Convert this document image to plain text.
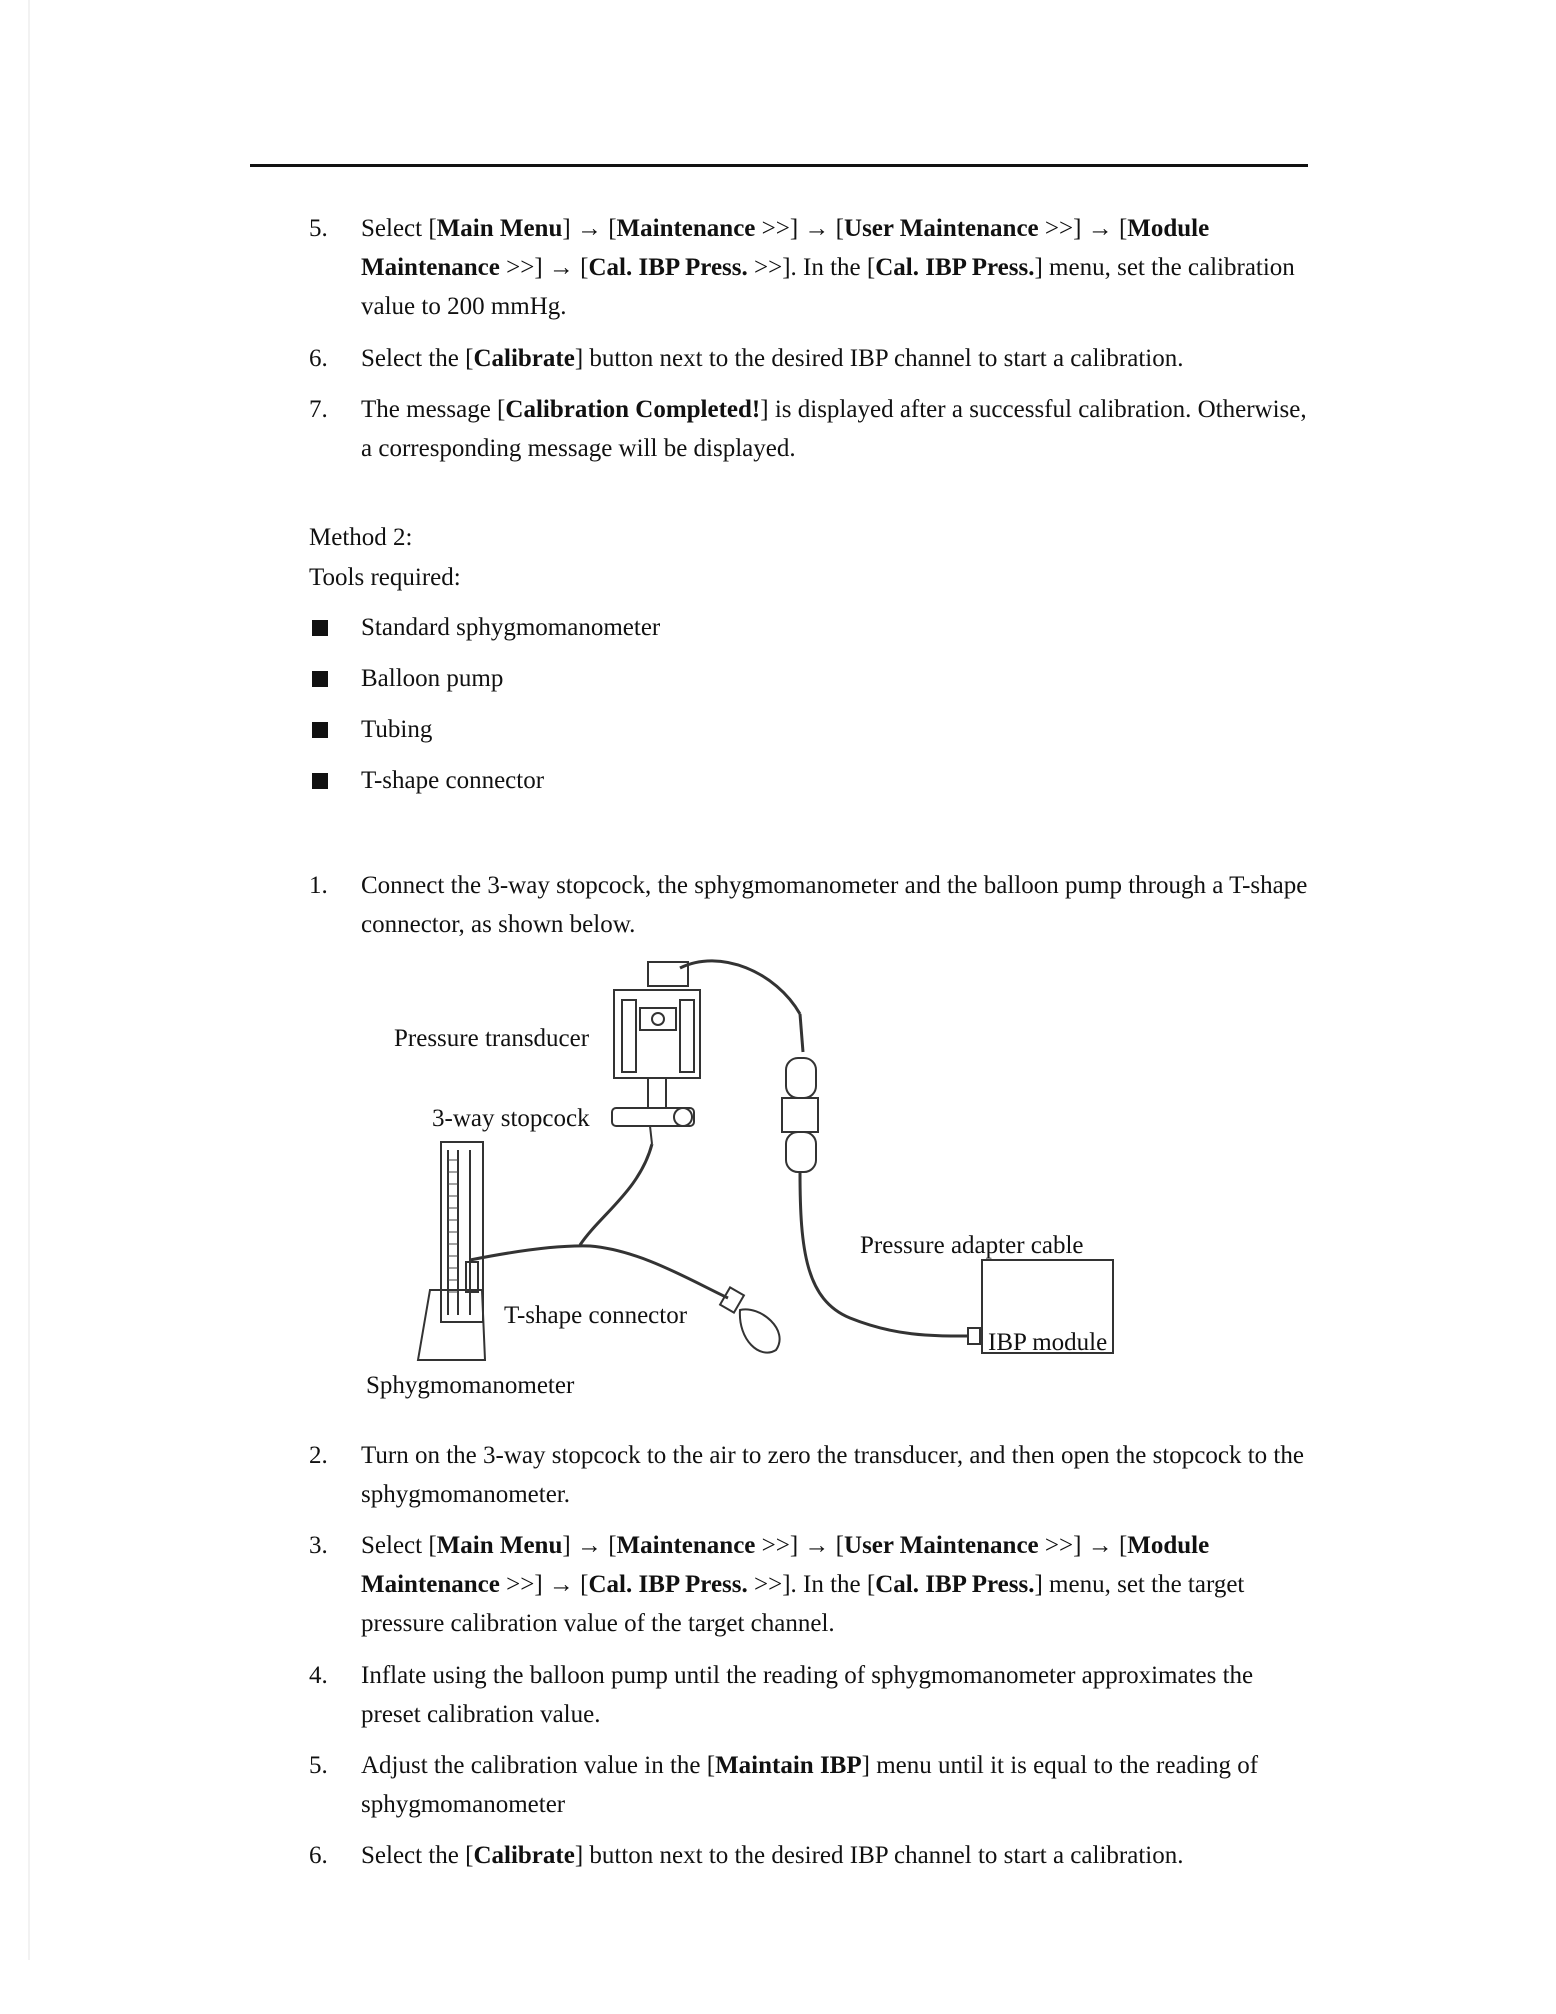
5. Select [Main Menu] → [Maintenance >>] → [User Maintenance >>] → [Module Maintenance >>] → [Cal. IBP Press. >>]. In the [Cal. IBP Press.] menu, set the calibration value to 200 mmHg.
6. Select the [Calibrate] button next to the desired IBP channel to start a calibration.
7. The message [Calibration Completed!] is displayed after a successful calibration. Otherwise, a corresponding message will be displayed.
Method 2:
Tools required:
Standard sphygmomanometer
Balloon pump
Tubing
T-shape connector
1. Connect the 3-way stopcock, the sphygmomanometer and the balloon pump through a T-shape connector, as shown below.
Pressure transducer
3-way stopcock
Pressure adapter cable
T-shape connector
IBP module
Sphygmomanometer
2. Turn on the 3-way stopcock to the air to zero the transducer, and then open the stopcock to the sphygmomanometer.
3. Select [Main Menu] → [Maintenance >>] → [User Maintenance >>] → [Module Maintenance >>] → [Cal. IBP Press. >>]. In the [Cal. IBP Press.] menu, set the target pressure calibration value of the target channel.
4. Inflate using the balloon pump until the reading of sphygmomanometer approximates the preset calibration value.
5. Adjust the calibration value in the [Maintain IBP] menu until it is equal to the reading of sphygmomanometer
6. Select the [Calibrate] button next to the desired IBP channel to start a calibration.
